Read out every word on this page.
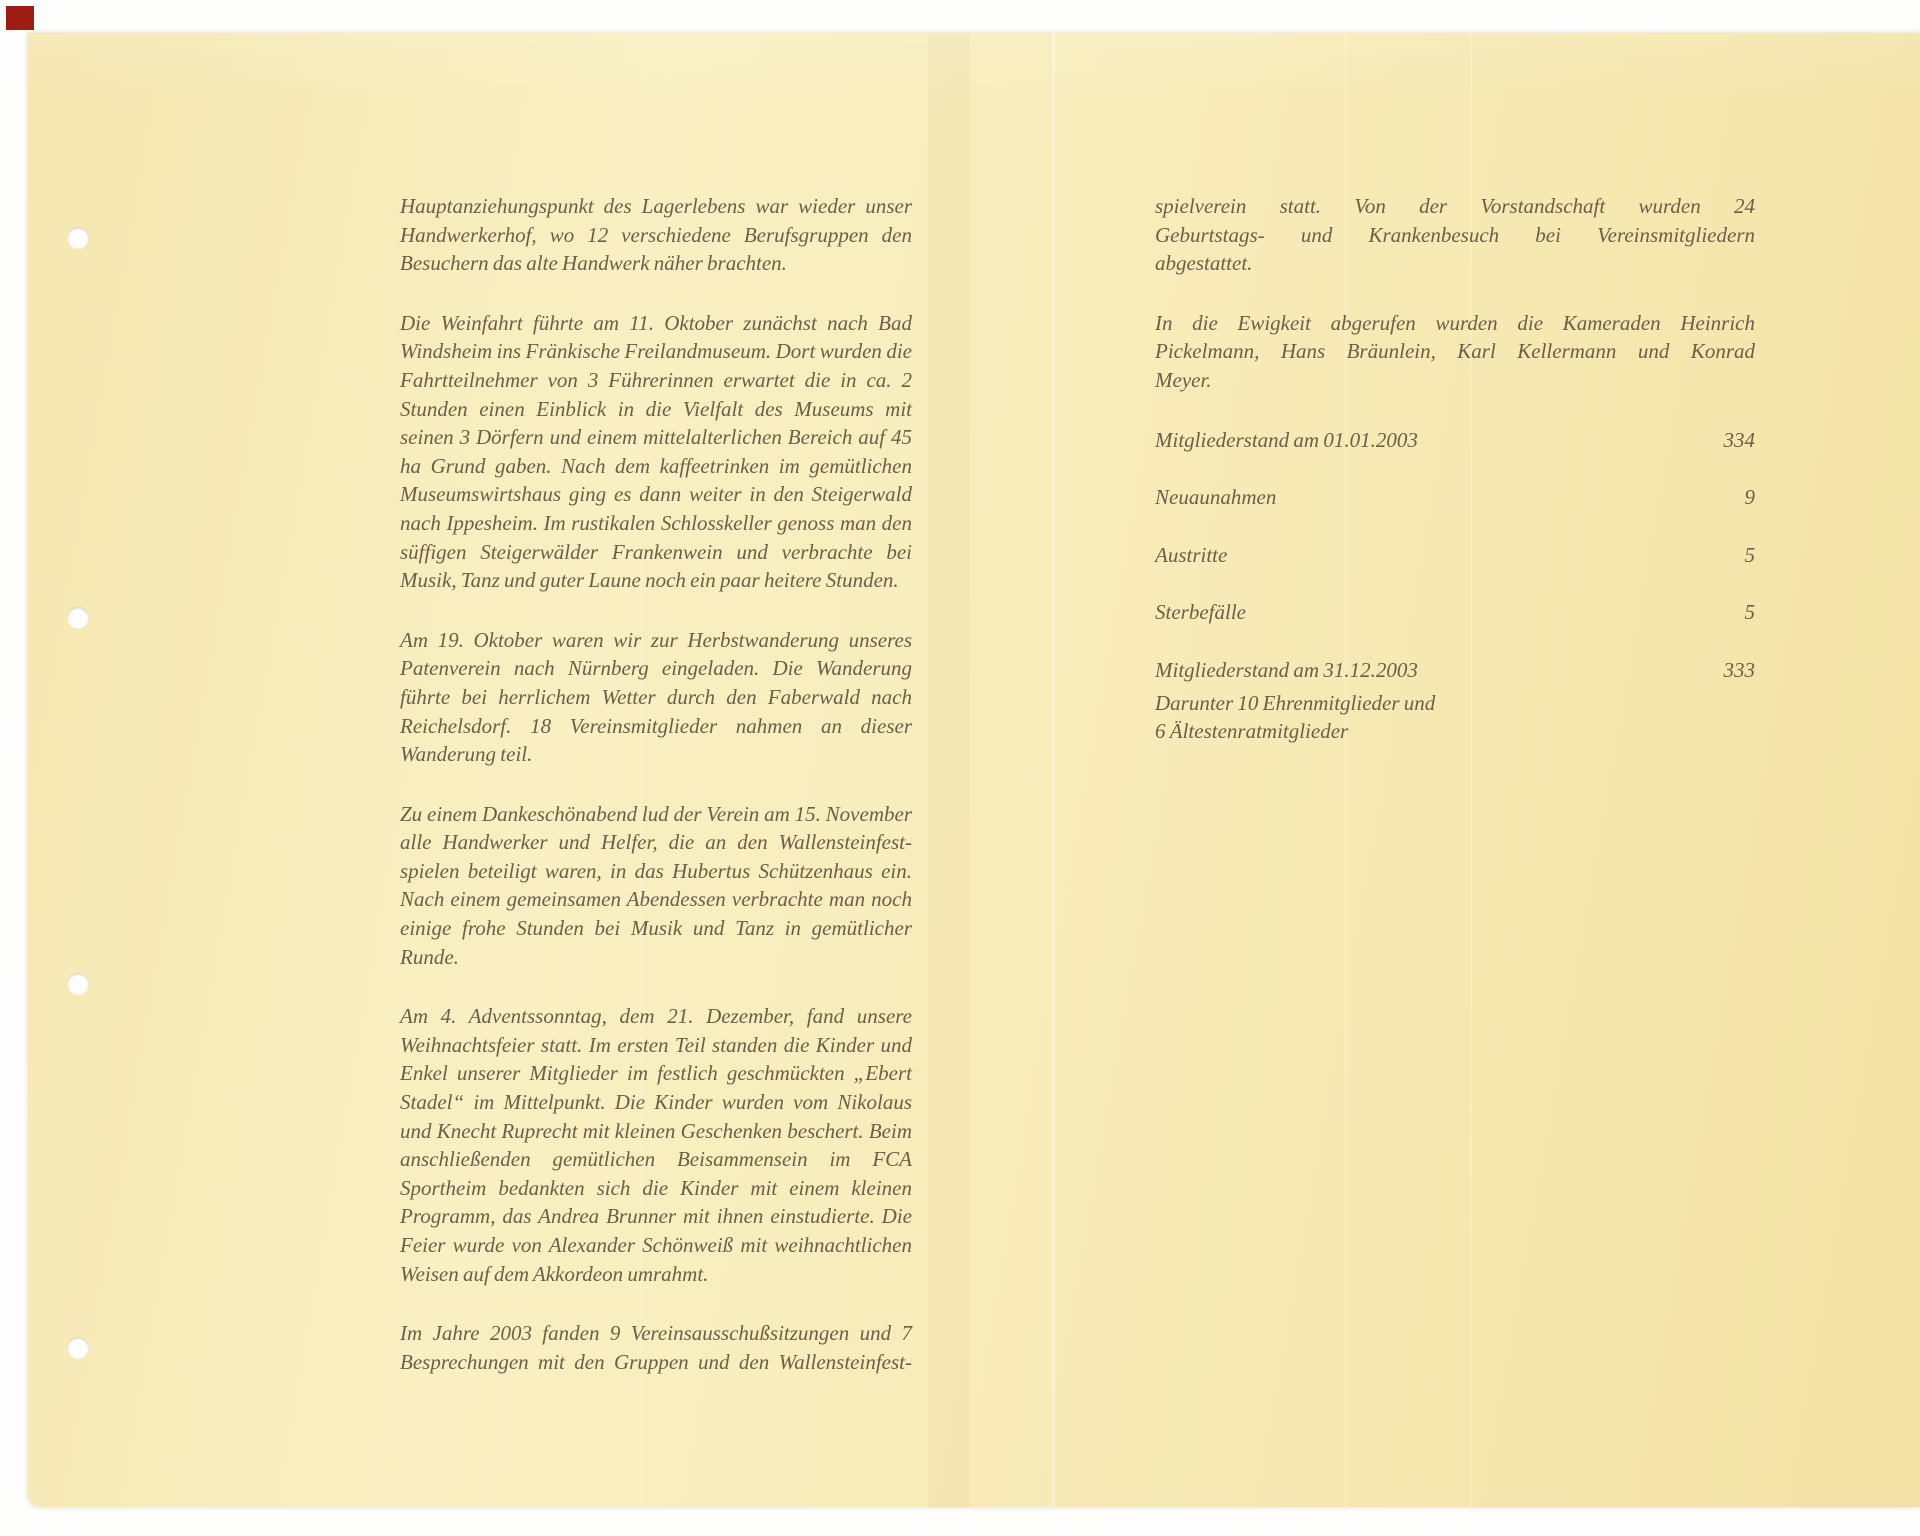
Hauptanziehungspunkt des Lagerlebens war wieder unser
Handwerkerhof, wo 12 verschiedene Berufsgruppen den
Besuchern das alte Handwerk näher brachten.
Die Weinfahrt führte am 11. Oktober zunächst nach Bad
Windsheim ins Fränkische Freilandmuseum. Dort wurden die
Fahrtteilnehmer von 3 Führerinnen erwartet die in ca. 2
Stunden einen Einblick in die Vielfalt des Museums mit
seinen 3 Dörfern und einem mittelalterlichen Bereich auf 45
ha Grund gaben. Nach dem kaffeetrinken im gemütlichen
Museumswirtshaus ging es dann weiter in den Steigerwald
nach Ippesheim. Im rustikalen Schlosskeller genoss man den
süffigen Steigerwälder Frankenwein und verbrachte bei
Musik, Tanz und guter Laune noch ein paar heitere Stunden.
Am 19. Oktober waren wir zur Herbstwanderung unseres
Patenverein nach Nürnberg eingeladen. Die Wanderung
führte bei herrlichem Wetter durch den Faberwald nach
Reichelsdorf. 18 Vereinsmitglieder nahmen an dieser
Wanderung teil.
Zu einem Dankeschönabend lud der Verein am 15. November
alle Handwerker und Helfer, die an den Wallensteinfest-
spielen beteiligt waren, in das Hubertus Schützenhaus ein.
Nach einem gemeinsamen Abendessen verbrachte man noch
einige frohe Stunden bei Musik und Tanz in gemütlicher
Runde.
Am 4. Adventssonntag, dem 21. Dezember, fand unsere
Weihnachtsfeier statt. Im ersten Teil standen die Kinder und
Enkel unserer Mitglieder im festlich geschmückten „Ebert
Stadel“ im Mittelpunkt. Die Kinder wurden vom Nikolaus
und Knecht Ruprecht mit kleinen Geschenken beschert. Beim
anschließenden gemütlichen Beisammensein im FCA
Sportheim bedankten sich die Kinder mit einem kleinen
Programm, das Andrea Brunner mit ihnen einstudierte. Die
Feier wurde von Alexander Schönweiß mit weihnachtlichen
Weisen auf dem Akkordeon umrahmt.
Im Jahre 2003 fanden 9 Vereinsausschußsitzungen und 7
Besprechungen mit den Gruppen und den Wallensteinfest-
spielverein statt. Von der Vorstandschaft wurden 24
Geburtstags- und Krankenbesuch bei Vereinsmitgliedern
abgestattet.
In die Ewigkeit abgerufen wurden die Kameraden Heinrich
Pickelmann, Hans Bräunlein, Karl Kellermann und Konrad
Meyer.
Mitgliederstand am 01.01.2003	334
Neuaunahmen	9
Austritte	5
Sterbefälle	5
Mitgliederstand am 31.12.2003	333
Darunter 10 Ehrenmitglieder und
6 Ältestenratmitglieder
